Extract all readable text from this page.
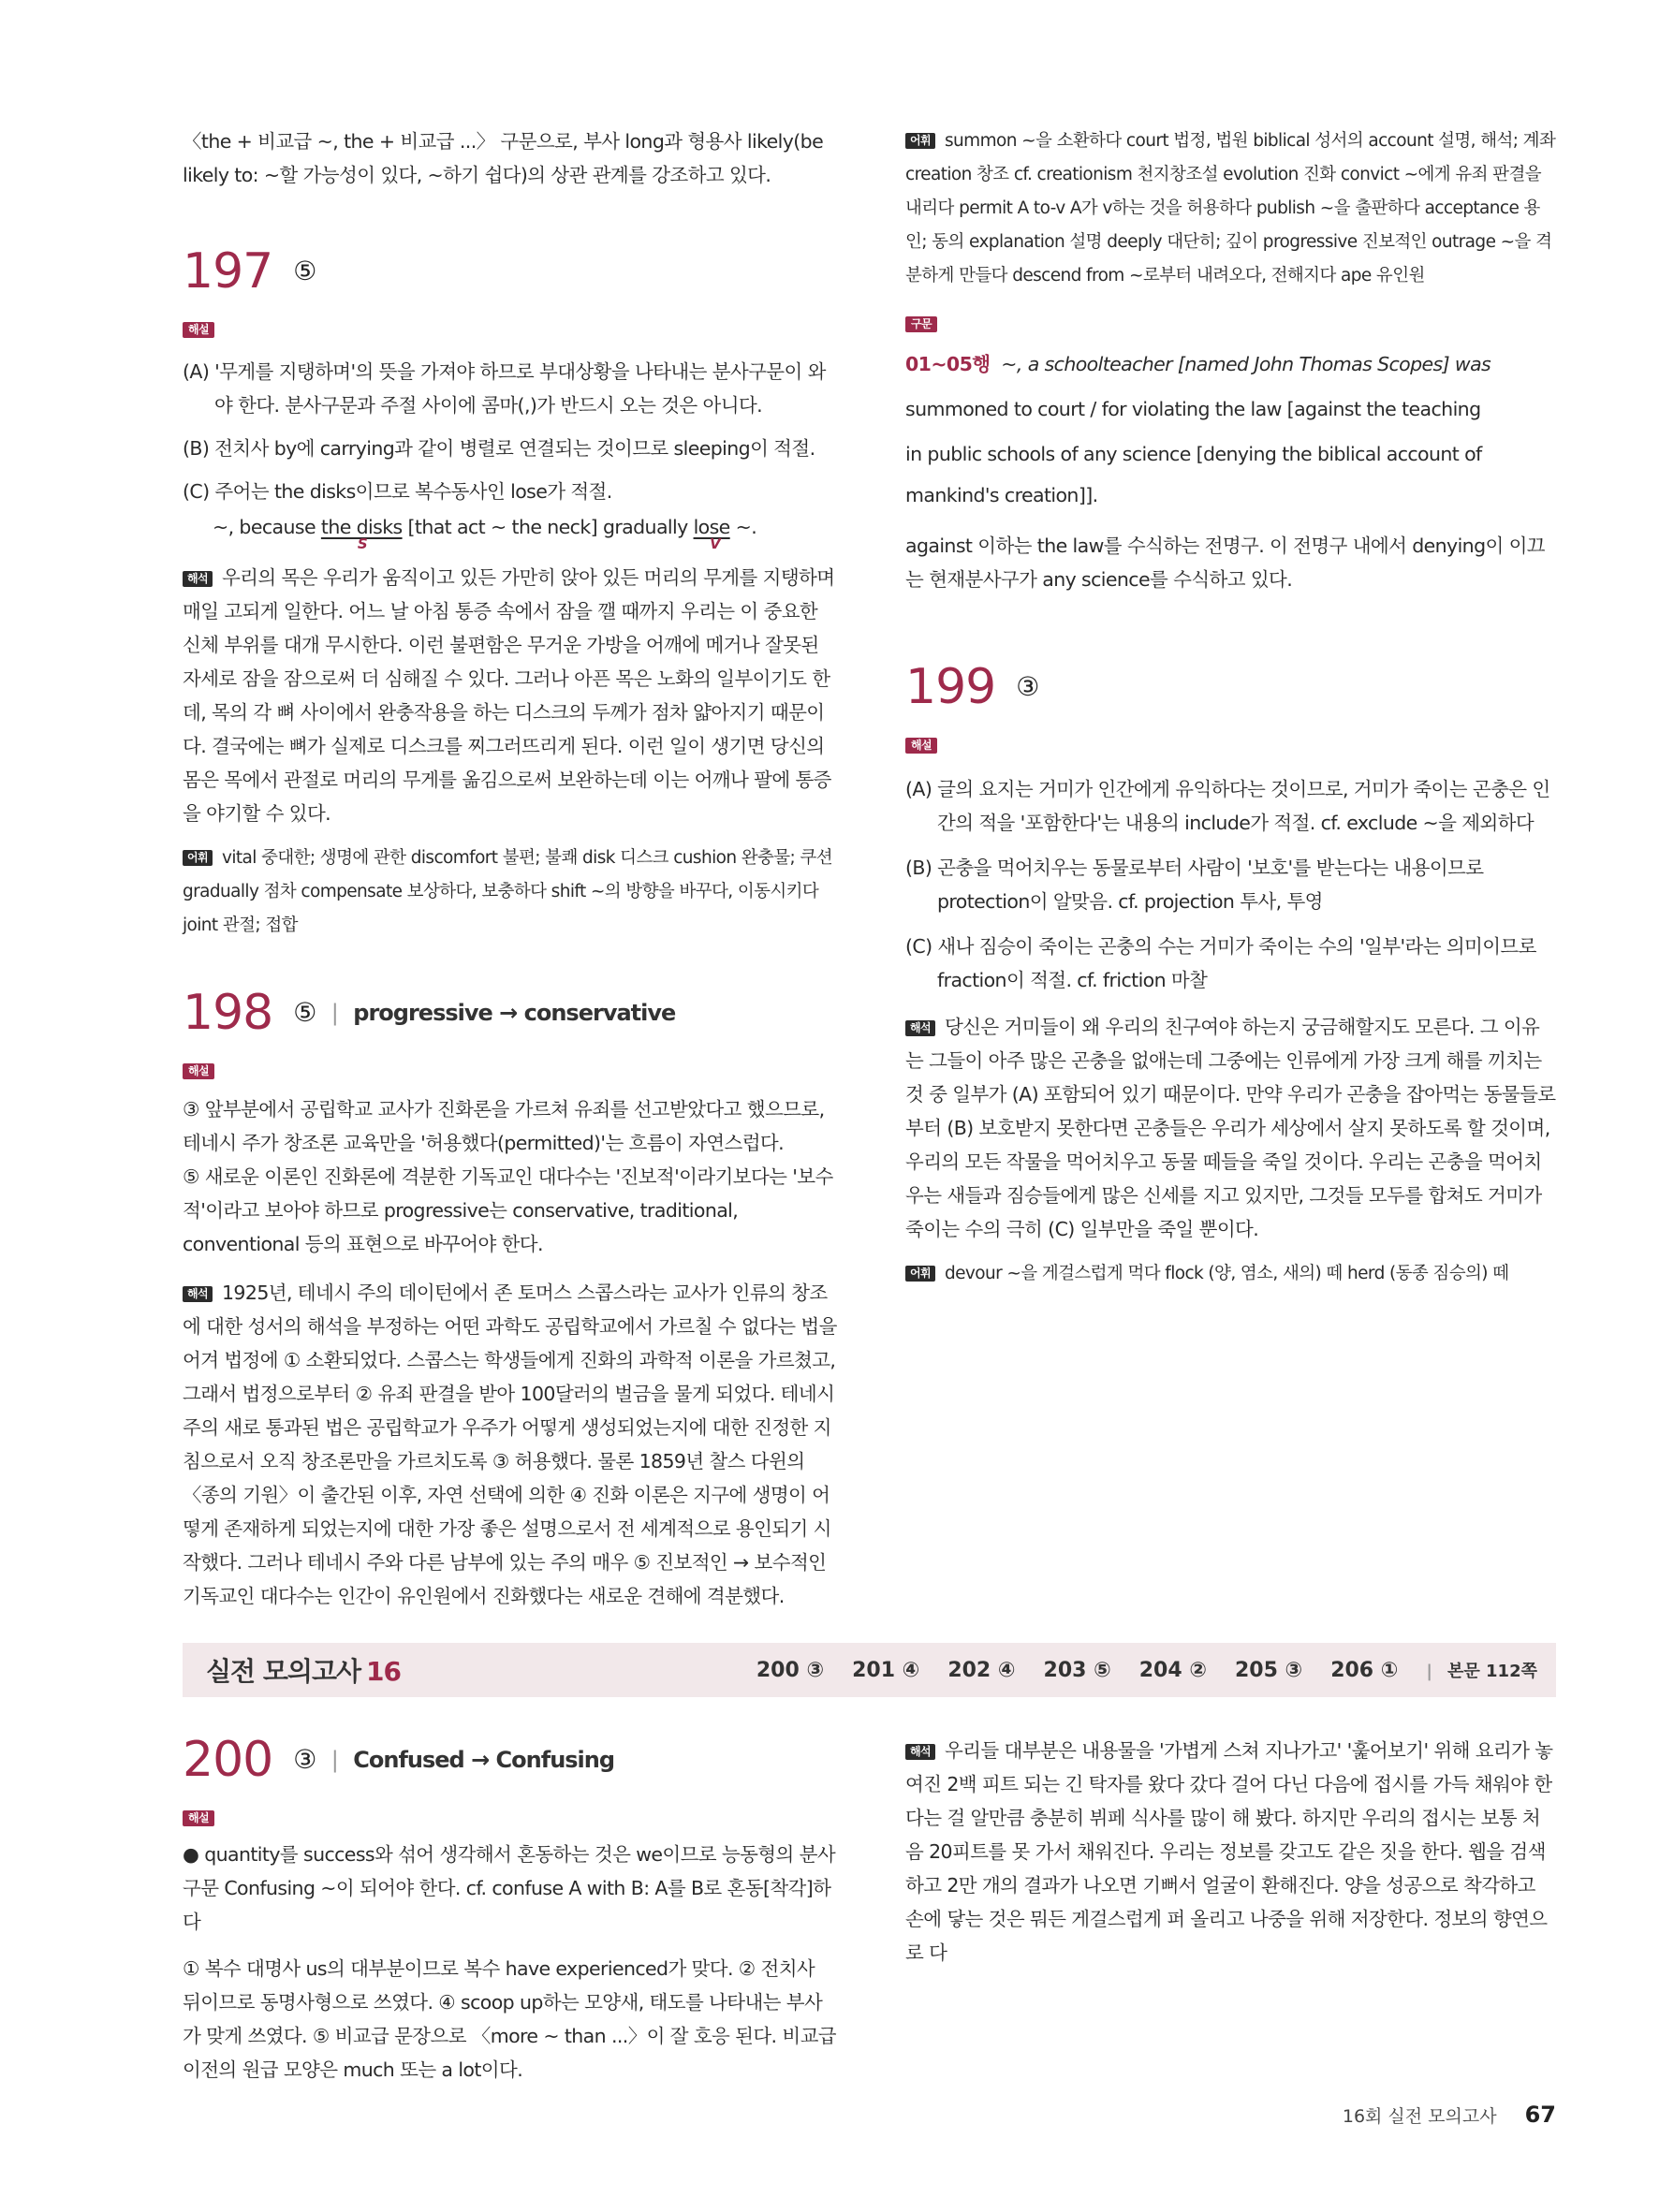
〈the + 비교급 ~, the + 비교급 ...〉 구문으로, 부사 long과 형용사 likely(be

likely to: ~할 가능성이 있다, ~하기 쉽다)의 상관 관계를 강조하고 있다.

197 ⑤
해설

(A) '무게를 지탱하며'의 뜻을 가져야 하므로 부대상황을 나타내는 분사구문이 와야 한다. 분사구문과 주절 사이에 콤마(,)가 반드시 오는 것은 아니다.

(B) 전치사 by에 carrying과 같이 병렬로 연결되는 것이므로 sleeping이 적절.

(C) 주어는 the disks이므로 복수동사인 lose가 적절.

~, because the disks
S
[that act ~ the neck] gradually lose
V
~.

해석 우리의 목은 우리가 움직이고 있든 가만히 앉아 있든 머리의 무게를 지탱하며 매일 고되게 일한다. 어느 날 아침 통증 속에서 잠을 깰 때까지 우리는 이 중요한 신체 부위를 대개 무시한다. 이런 불편함은 무거운 가방을 어깨에 메거나 잘못된 자세로 잠을 잠으로써 더 심해질 수 있다. 그러나 아픈 목은 노화의 일부이기도 한데, 목의 각 뼈 사이에서 완충작용을 하는 디스크의 두께가 점차 얇아지기 때문이다. 결국에는 뼈가 실제로 디스크를 찌그러뜨리게 된다. 이런 일이 생기면 당신의 몸은 목에서 관절로 머리의 무게를 옮김으로써 보완하는데 이는 어깨나 팔에 통증을 야기할 수 있다.

어휘 vital 중대한; 생명에 관한 discomfort 불편; 불쾌 disk 디스크 cushion 완충물; 쿠션 gradually 점차 compensate 보상하다, 보충하다 shift ~의 방향을 바꾸다, 이동시키다 joint 관절; 접합

198 ⑤ | progressive → conservative
해설

③ 앞부분에서 공립학교 교사가 진화론을 가르쳐 유죄를 선고받았다고 했으므로, 테네시 주가 창조론 교육만을 '허용했다(permitted)'는 흐름이 자연스럽다.

⑤ 새로운 이론인 진화론에 격분한 기독교인 대다수는 '진보적'이라기보다는 '보수적'이라고 보아야 하므로 progressive는 conservative, traditional, conventional 등의 표현으로 바꾸어야 한다.

해석 1925년, 테네시 주의 데이턴에서 존 토머스 스콥스라는 교사가 인류의 창조에 대한 성서의 해석을 부정하는 어떤 과학도 공립학교에서 가르칠 수 없다는 법을 어겨 법정에 ① 소환되었다. 스콥스는 학생들에게 진화의 과학적 이론을 가르쳤고, 그래서 법정으로부터 ② 유죄 판결을 받아 100달러의 벌금을 물게 되었다. 테네시 주의 새로 통과된 법은 공립학교가 우주가 어떻게 생성되었는지에 대한 진정한 지침으로서 오직 창조론만을 가르치도록 ③ 허용했다. 물론 1859년 찰스 다윈의 〈종의 기원〉이 출간된 이후, 자연 선택에 의한 ④ 진화 이론은 지구에 생명이 어떻게 존재하게 되었는지에 대한 가장 좋은 설명으로서 전 세계적으로 용인되기 시작했다. 그러나 테네시 주와 다른 남부에 있는 주의 매우 ⑤ 진보적인 → 보수적인 기독교인 대다수는 인간이 유인원에서 진화했다는 새로운 견해에 격분했다.

어휘 summon ~을 소환하다 court 법정, 법원 biblical 성서의 account 설명, 해석; 계좌 creation 창조 cf. creationism 천지창조설 evolution 진화 convict ~에게 유죄 판결을 내리다 permit A to-v A가 v하는 것을 허용하다 publish ~을 출판하다 acceptance 용인; 동의 explanation 설명 deeply 대단히; 깊이 progressive 진보적인 outrage ~을 격분하게 만들다 descend from ~로부터 내려오다, 전해지다 ape 유인원

구문

01~05행 ~, a schoolteacher [named John Thomas Scopes] was

summoned to court / for violating the law [against the teaching

in public schools of any science [denying the biblical account of

mankind's creation]].

against 이하는 the law를 수식하는 전명구. 이 전명구 내에서 denying이 이끄는 현재분사구가 any science를 수식하고 있다.

199 ③
해설

(A) 글의 요지는 거미가 인간에게 유익하다는 것이므로, 거미가 죽이는 곤충은 인간의 적을 '포함한다'는 내용의 include가 적절. cf. exclude ~을 제외하다

(B) 곤충을 먹어치우는 동물로부터 사람이 '보호'를 받는다는 내용이므로 protection이 알맞음. cf. projection 투사, 투영

(C) 새나 짐승이 죽이는 곤충의 수는 거미가 죽이는 수의 '일부'라는 의미이므로 fraction이 적절. cf. friction 마찰

해석 당신은 거미들이 왜 우리의 친구여야 하는지 궁금해할지도 모른다. 그 이유는 그들이 아주 많은 곤충을 없애는데 그중에는 인류에게 가장 크게 해를 끼치는 것 중 일부가 (A) 포함되어 있기 때문이다. 만약 우리가 곤충을 잡아먹는 동물들로부터 (B) 보호받지 못한다면 곤충들은 우리가 세상에서 살지 못하도록 할 것이며, 우리의 모든 작물을 먹어치우고 동물 떼들을 죽일 것이다. 우리는 곤충을 먹어치우는 새들과 짐승들에게 많은 신세를 지고 있지만, 그것들 모두를 합쳐도 거미가 죽이는 수의 극히 (C) 일부만을 죽일 뿐이다.

어휘 devour ~을 게걸스럽게 먹다 flock (양, 염소, 새의) 떼 herd (동종 짐승의) 떼

실전 모의고사 16	200 ③ 201 ④ 202 ④ 203 ⑤ 204 ② 205 ③ 206 ① | 본문 112쪽
200 ③ | Confused → Confusing
해설

● quantity를 success와 섞어 생각해서 혼동하는 것은 we이므로 능동형의 분사구문 Confusing ~이 되어야 한다. cf. confuse A with B: A를 B로 혼동[착각]하다

① 복수 대명사 us의 대부분이므로 복수 have experienced가 맞다. ② 전치사 뒤이므로 동명사형으로 쓰였다. ④ scoop up하는 모양새, 태도를 나타내는 부사가 맞게 쓰였다. ⑤ 비교급 문장으로 〈more ~ than ...〉이 잘 호응 된다. 비교급 이전의 원급 모양은 much 또는 a lot이다.

해석 우리들 대부분은 내용물을 '가볍게 스쳐 지나가고' '훑어보기' 위해 요리가 놓여진 2백 피트 되는 긴 탁자를 왔다 갔다 걸어 다닌 다음에 접시를 가득 채워야 한다는 걸 알만큼 충분히 뷔페 식사를 많이 해 봤다. 하지만 우리의 접시는 보통 처음 20피트를 못 가서 채워진다. 우리는 정보를 갖고도 같은 짓을 한다. 웹을 검색하고 2만 개의 결과가 나오면 기뻐서 얼굴이 환해진다. 양을 성공으로 착각하고 손에 닿는 것은 뭐든 게걸스럽게 퍼 올리고 나중을 위해 저장한다. 정보의 향연으로 다

16회 실전 모의고사 67
